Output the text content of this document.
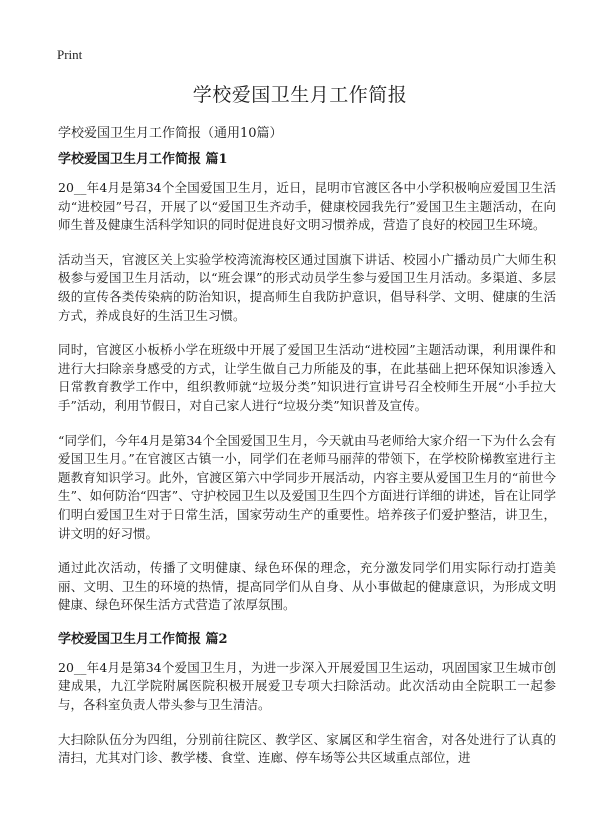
Print
学校爱国卫生月工作简报

学校爱国卫生月工作简报（通用10篇）

学校爱国卫生月工作简报 篇1

20__年4月是第34个全国爱国卫生月，近日，昆明市官渡区各中小学积极响应爱国卫生活动“进校园”号召，开展了以“爱国卫生齐动手，健康校园我先行”爱国卫生主题活动，在向师生普及健康生活科学知识的同时促进良好文明习惯养成，营造了良好的校园卫生环境。

活动当天，官渡区关上实验学校湾流海校区通过国旗下讲话、校园小广播动员广大师生积极参与爱国卫生月活动，以“班会课”的形式动员学生参与爱国卫生月活动。多渠道、多层级的宣传各类传染病的防治知识，提高师生自我防护意识，倡导科学、文明、健康的生活方式，养成良好的生活卫生习惯。

同时，官渡区小板桥小学在班级中开展了爱国卫生活动“进校园”主题活动课，利用课件和进行大扫除亲身感受的方式，让学生做自己力所能及的事，在此基础上把环保知识渗透入日常教育教学工作中，组织教师就“垃圾分类”知识进行宣讲号召全校师生开展“小手拉大手”活动，利用节假日，对自己家人进行“垃圾分类”知识普及宣传。

“同学们，今年4月是第34个全国爱国卫生月，今天就由马老师给大家介绍一下为什么会有爱国卫生月。”在官渡区古镇一小，同学们在老师马丽萍的带领下，在学校阶梯教室进行主题教育知识学习。此外，官渡区第六中学同步开展活动，内容主要从爱国卫生月的“前世今生”、如何防治“四害”、守护校园卫生以及爱国卫生四个方面进行详细的讲述，旨在让同学们明白爱国卫生对于日常生活，国家劳动生产的重要性。培养孩子们爱护整洁，讲卫生，讲文明的好习惯。

通过此次活动，传播了文明健康、绿色环保的理念，充分激发同学们用实际行动打造美丽、文明、卫生的环境的热情，提高同学们从自身、从小事做起的健康意识，为形成文明健康、绿色环保生活方式营造了浓厚氛围。

学校爱国卫生月工作简报 篇2

20__年4月是第34个爱国卫生月，为进一步深入开展爱国卫生运动，巩固国家卫生城市创建成果，九江学院附属医院积极开展爱卫专项大扫除活动。此次活动由全院职工一起参与，各科室负责人带头参与卫生清洁。

大扫除队伍分为四组，分别前往院区、教学区、家属区和学生宿舍，对各处进行了认真的清扫，尤其对门诊、教学楼、食堂、连廊、停车场等公共区域重点部位，进
